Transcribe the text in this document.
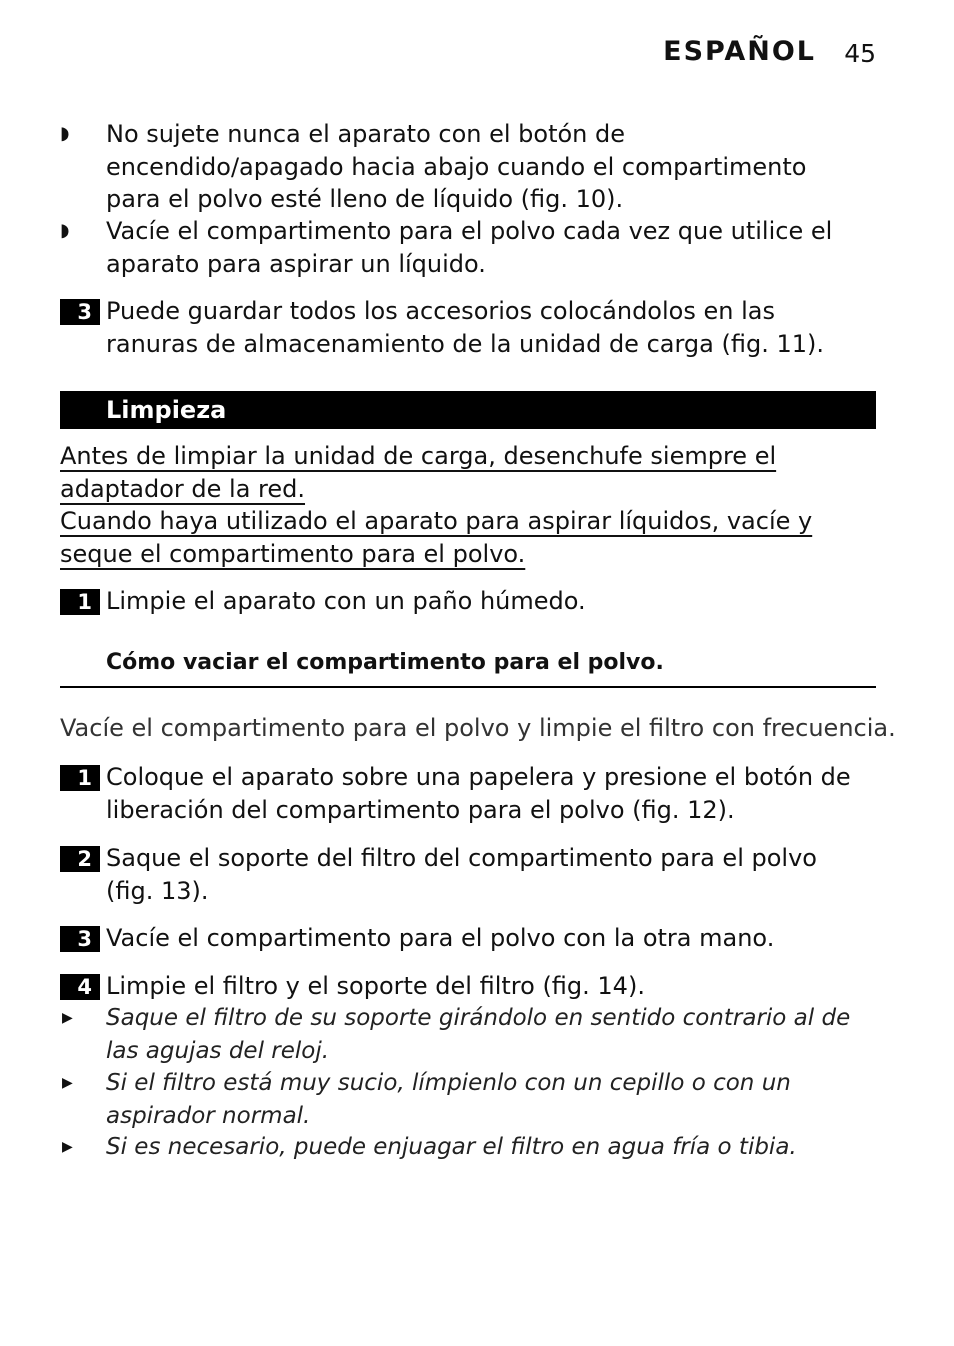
ESPAÑOL 45
◗ No sujete nunca el aparato con el botón de encendido/apagado hacia abajo cuando el compartimento para el polvo esté lleno de líquido (fig. 10).

◗ Vacíe el compartimento para el polvo cada vez que utilice el aparato para aspirar un líquido.

3 Puede guardar todos los accesorios colocándolos en las ranuras de almacenamiento de la unidad de carga (fig. 11).

Limpieza

Antes de limpiar la unidad de carga, desenchufe siempre el adaptador de la red.

Cuando haya utilizado el aparato para aspirar líquidos, vacíe y seque el compartimento para el polvo.

1 Limpie el aparato con un paño húmedo.

Cómo vaciar el compartimento para el polvo.

Vacíe el compartimento para el polvo y limpie el filtro con frecuencia.

1 Coloque el aparato sobre una papelera y presione el botón de liberación del compartimento para el polvo (fig. 12).

2 Saque el soporte del filtro del compartimento para el polvo (fig. 13).

3 Vacíe el compartimento para el polvo con la otra mano.

4 Limpie el filtro y el soporte del filtro (fig. 14).

▶ Saque el filtro de su soporte girándolo en sentido contrario al de las agujas del reloj.

▶ Si el filtro está muy sucio, límpienlo con un cepillo o con un aspirador normal.

▶ Si es necesario, puede enjuagar el filtro en agua fría o tibia.
